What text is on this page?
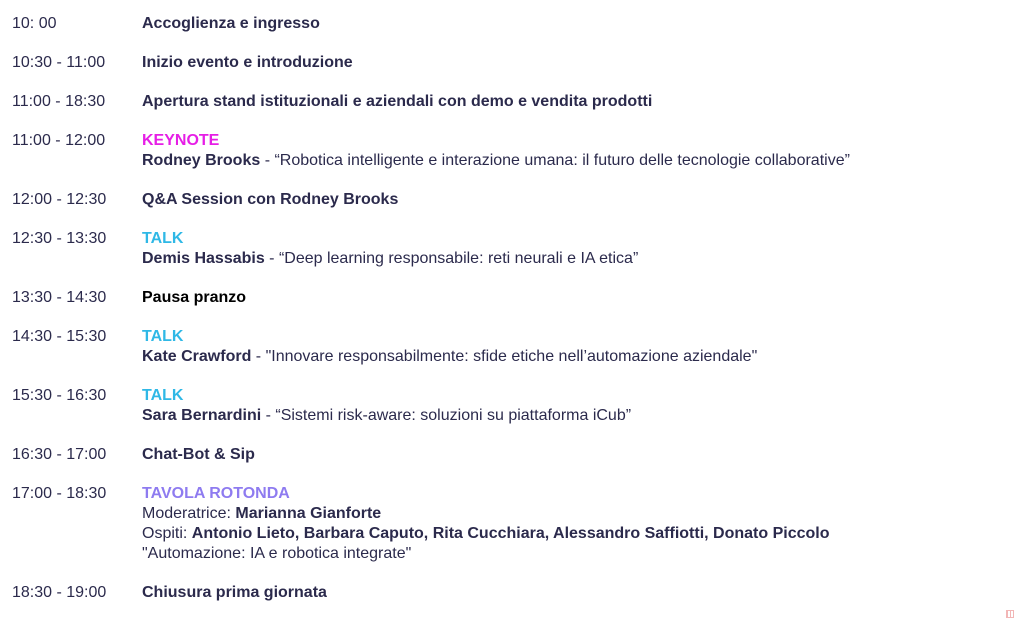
10: 00	Accoglienza e ingresso
10:30 - 11:00	Inizio evento e introduzione
11:00 - 18:30	Apertura stand istituzionali e aziendali con demo e vendita prodotti
11:00 - 12:00	KEYNOTE
Rodney Brooks - “Robotica intelligente e interazione umana: il futuro delle tecnologie collaborative”
12:00 - 12:30	Q&A Session con Rodney Brooks
12:30 - 13:30	TALK
Demis Hassabis - “Deep learning responsabile: reti neurali e IA etica”
13:30 - 14:30	Pausa pranzo
14:30 - 15:30	TALK
Kate Crawford - "Innovare responsabilmente: sfide etiche nell’automazione aziendale"
15:30 - 16:30	TALK
Sara Bernardini - “Sistemi risk-aware: soluzioni su piattaforma iCub”
16:30 - 17:00	Chat-Bot & Sip
17:00 - 18:30	TAVOLA ROTONDA
Moderatrice: Marianna Gianforte
Ospiti: Antonio Lieto, Barbara Caputo, Rita Cucchiara, Alessandro Saffiotti, Donato Piccolo
"Automazione: IA e robotica integrate"
18:30 - 19:00	Chiusura prima giornata
